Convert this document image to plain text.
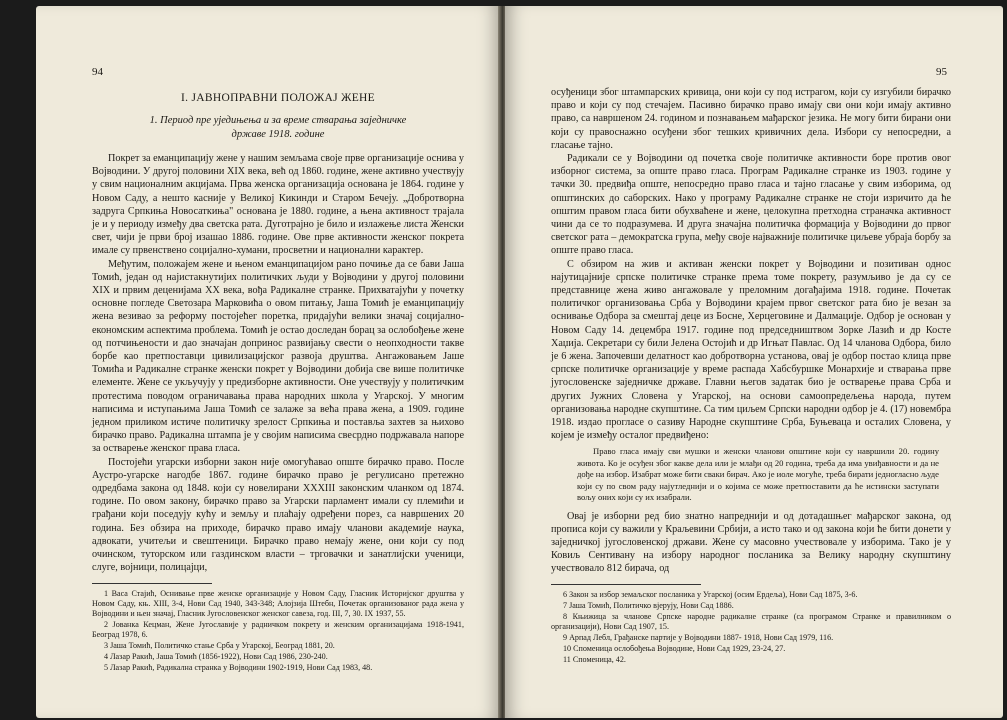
94
I. ЈАВНОПРАВНИ ПОЛОЖАЈ ЖЕНЕ
1. Период пре уједињења и за време стварања заједничке
државе 1918. године

Покрет за еманципацију жене у нашим земљама своје прве организације оснива у Војводини. У другој половини XIX века, већ од 1860. године, жене активно учествују у свим националним акцијама. Прва женска организација основана је 1864. године у Новом Саду, а нешто касније у Великој Кикинди и Старом Бечеју. „Добротворна задруга Српкиња Новосаткиња" основана је 1880. године, а њена активност трајала је и у периоду између два светска рата. Дуготрајно је било и излажење листа Женски свет, чији је први број изашао 1886. године. Ове прве активности женског покрета имале су првенствено социјално-хумани, просветни и национални карактер.

Међутим, положајем жене и њеном еманципацијом рано почиње да се бави Јаша Томић, један од најистакнутијих политичких људи у Војводини у другој половини XIX и првим деценијама XX века, вођа Радикалне странке. Прихватајући у почетку основне погледе Светозара Марковића о овом питању, Јаша Томић је еманципацију жена везивао за реформу постојећег поретка, придајући велики значај социјално-економским аспектима проблема. Томић је остао доследан борац за ослобођење жене од потчињености и дао значајан допринос развијању свести о неопходности такве борбе као претпоставци цивилизацијског развоја друштва. Ангажовањем Јаше Томића и Радикалне странке женски покрет у Војводини добија све више политичке елементе. Жене се укључују у предизборне активности. Оне учествују у политичким протестима поводом ограничавања права народних школа у Угарској. У многим написима и иступањима Јаша Томић се залаже за већа права жена, а 1909. године једном приликом истиче политичку зрелост Српкиња и поставља захтев за њихово бирачко право. Радикална штампа је у својим написима свесрдно подржавала напоре за остварење женског права гласа.

Постојећи угарски изборни закон није омогућавао опште бирачко право. После Аустро-угарске нагодбе 1867. године бирачко право је регулисано претежно одредбама закона од 1848. који су новелирани XXXIII законским чланком од 1874. године. По овом закону, бирачко право за Угарски парламент имали су племићи и грађани који поседују кућу и земљу и плаћају одређени порез, са навршених 20 година. Без обзира на приходе, бирачко право имају чланови академије наука, адвокати, учитељи и свештеници. Бирачко право немају жене, они који су под очинском, туторском или газдинском власти – трговачки и занатлијски ученици, слуге, војници, полицајци,

1 Васа Стајић, Оснивање прве женске организације у Новом Саду, Гласник Историјског друштва у Новом Саду, књ. XIII, 3-4, Нови Сад 1940, 343-348; Алојзија Штебн, Почетак организованог рада жена у Војводини и њен значај, Гласник Југословенског женског савеза, год. III, 7, 30. IX 1937, 55.

2 Јованка Кецман, Жене Југославије у радничком покрету и женским организацијама 1918-1941, Београд 1978, 6.

3 Јаша Томић, Политичко стање Срба у Угарској, Београд 1881, 20.

4 Лазар Ракић, Јаша Томић (1856-1922), Нови Сад 1986, 230-240.

5 Лазар Ракић, Радикална странка у Војводини 1902-1919, Нови Сад 1983, 48.

95

осуђеници због штампарских кривица, они који су под истрагом, који су изгубили бирачко право и који су под стечајем. Пасивно бирачко право имају сви они који имају активно право, са навршеном 24. годином и познавањем мађарског језика. Не могу бити бирани они који су правоснажно осуђени због тешких кривичних дела. Избори су непосредни, а гласање тајно.

Радикали се у Војводини од почетка своје политичке активности боре против овог изборног система, за опште право гласа. Програм Радикалне странке из 1903. године у тачки 30. предвиђа опште, непосредно право гласа и тајно гласање у свим изборима, од општинских до саборских. Нако у програму Радикалне странке не стоји изричито да ће општим правом гласа бити обухваћене и жене, целокупна претходна страначка активност чини да се то подразумева. И друга значајна политичка формација у Војводини до првог светског рата – демократска група, међу своје најважније политичке циљеве убраја борбу за опште право гласа.

С обзиром на жив и активан женски покрет у Војводини и позитиван однос најутицајније српске политичке странке према томе покрету, разумљиво је да су се представнице жена живо ангажовале у преломним догађајима 1918. године. Почетак политичког организовања Срба у Војводини крајем првог светског рата био је везан за оснивање Одбора за смештај деце из Босне, Херцеговине и Далмације. Одбор је основан у Новом Саду 14. децембра 1917. године под председништвом Зорке Лазић и др Косте Хаџија. Секретари су били Јелена Остојић и др Игњат Павлас. Од 14 чланова Одбора, било је 6 жена. Започевши делатност као добротворна установа, овај је одбор постао клица прве српске политичке организације у време распада Хабсбуршке Монархије и стварања прве југословенске заједничке државе. Главни његов задатак био је остварење права Срба и других Јужних Словена у Угарској, на основи самоопредељења народа, путем организовања народне скупштине. Са тим циљем Српски народни одбор је 4. (17) новембра 1918. издао прогласе о сазиву Народне скупштине Срба, Буњеваца и осталих Словена, у којем је између осталог предвиђено:

Право гласа имају сви мушки и женски чланови општине који су навршили 20. годину живота. Ко је осуђен због какве дела или је млађи од 20 година, треба да има увиђавности и да не дође на избор. Изабрат може бити сваки бирач. Ако је иоле могуће, треба бирати једногласно људе који су по свом раду најутледнији и о којима се може претпоставити да ће истински заступати вољу оних који су их изабрали.

Овај је изборни ред био знатно напреднији и од дотадашњег мађарског закона, од прописа који су важили у Краљевини Србији, а исто тако и од закона који ће бити донети у заједничкој југословенској држави. Жене су масовно учествовале у изборима. Тако је у Ковиљ Сентивану на избору народног посланика за Велику народну скупштину учествовало 812 бирача, од

6 Закон за избор земаљског посланика у Угарској (осим Ердеља), Нови Сад 1875, 3-6.

7 Јаша Томић, Политичко вјерују, Нови Сад 1886.

8 Књижица за чланове Српске народне радикалне странке (са програмом Странке и правилником о организацији), Нови Сад 1907, 15.

9 Арпад Лебл, Грађанске партије у Војводини 1887- 1918, Нови Сад 1979, 116.

10 Споменица ослобођења Војводине, Нови Сад 1929, 23-24, 27.

11 Споменица, 42.
